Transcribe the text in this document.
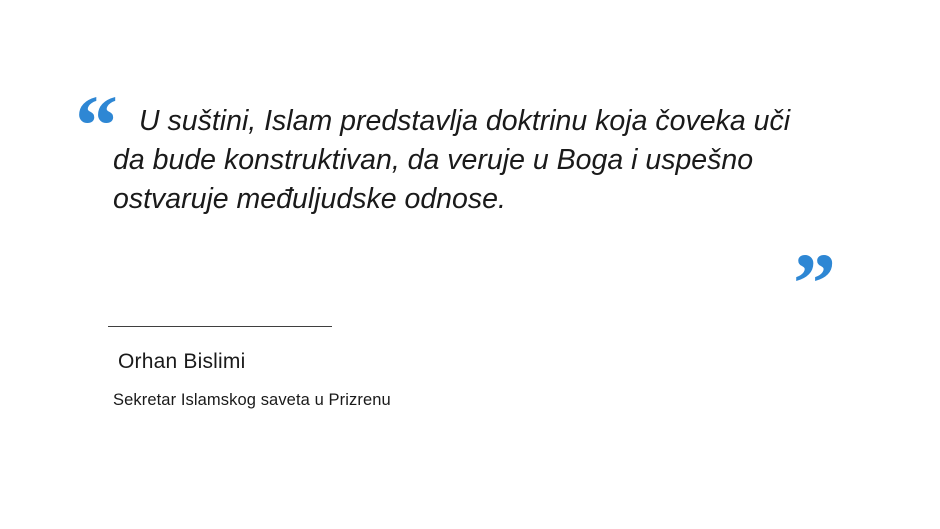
“ U suštini, Islam predstavlja doktrinu koja čoveka uči da bude konstruktivan, da veruje u Boga i uspešno ostvaruje međuljudske odnose.
”
Orhan Bislimi
Sekretar Islamskog saveta u Prizrenu
